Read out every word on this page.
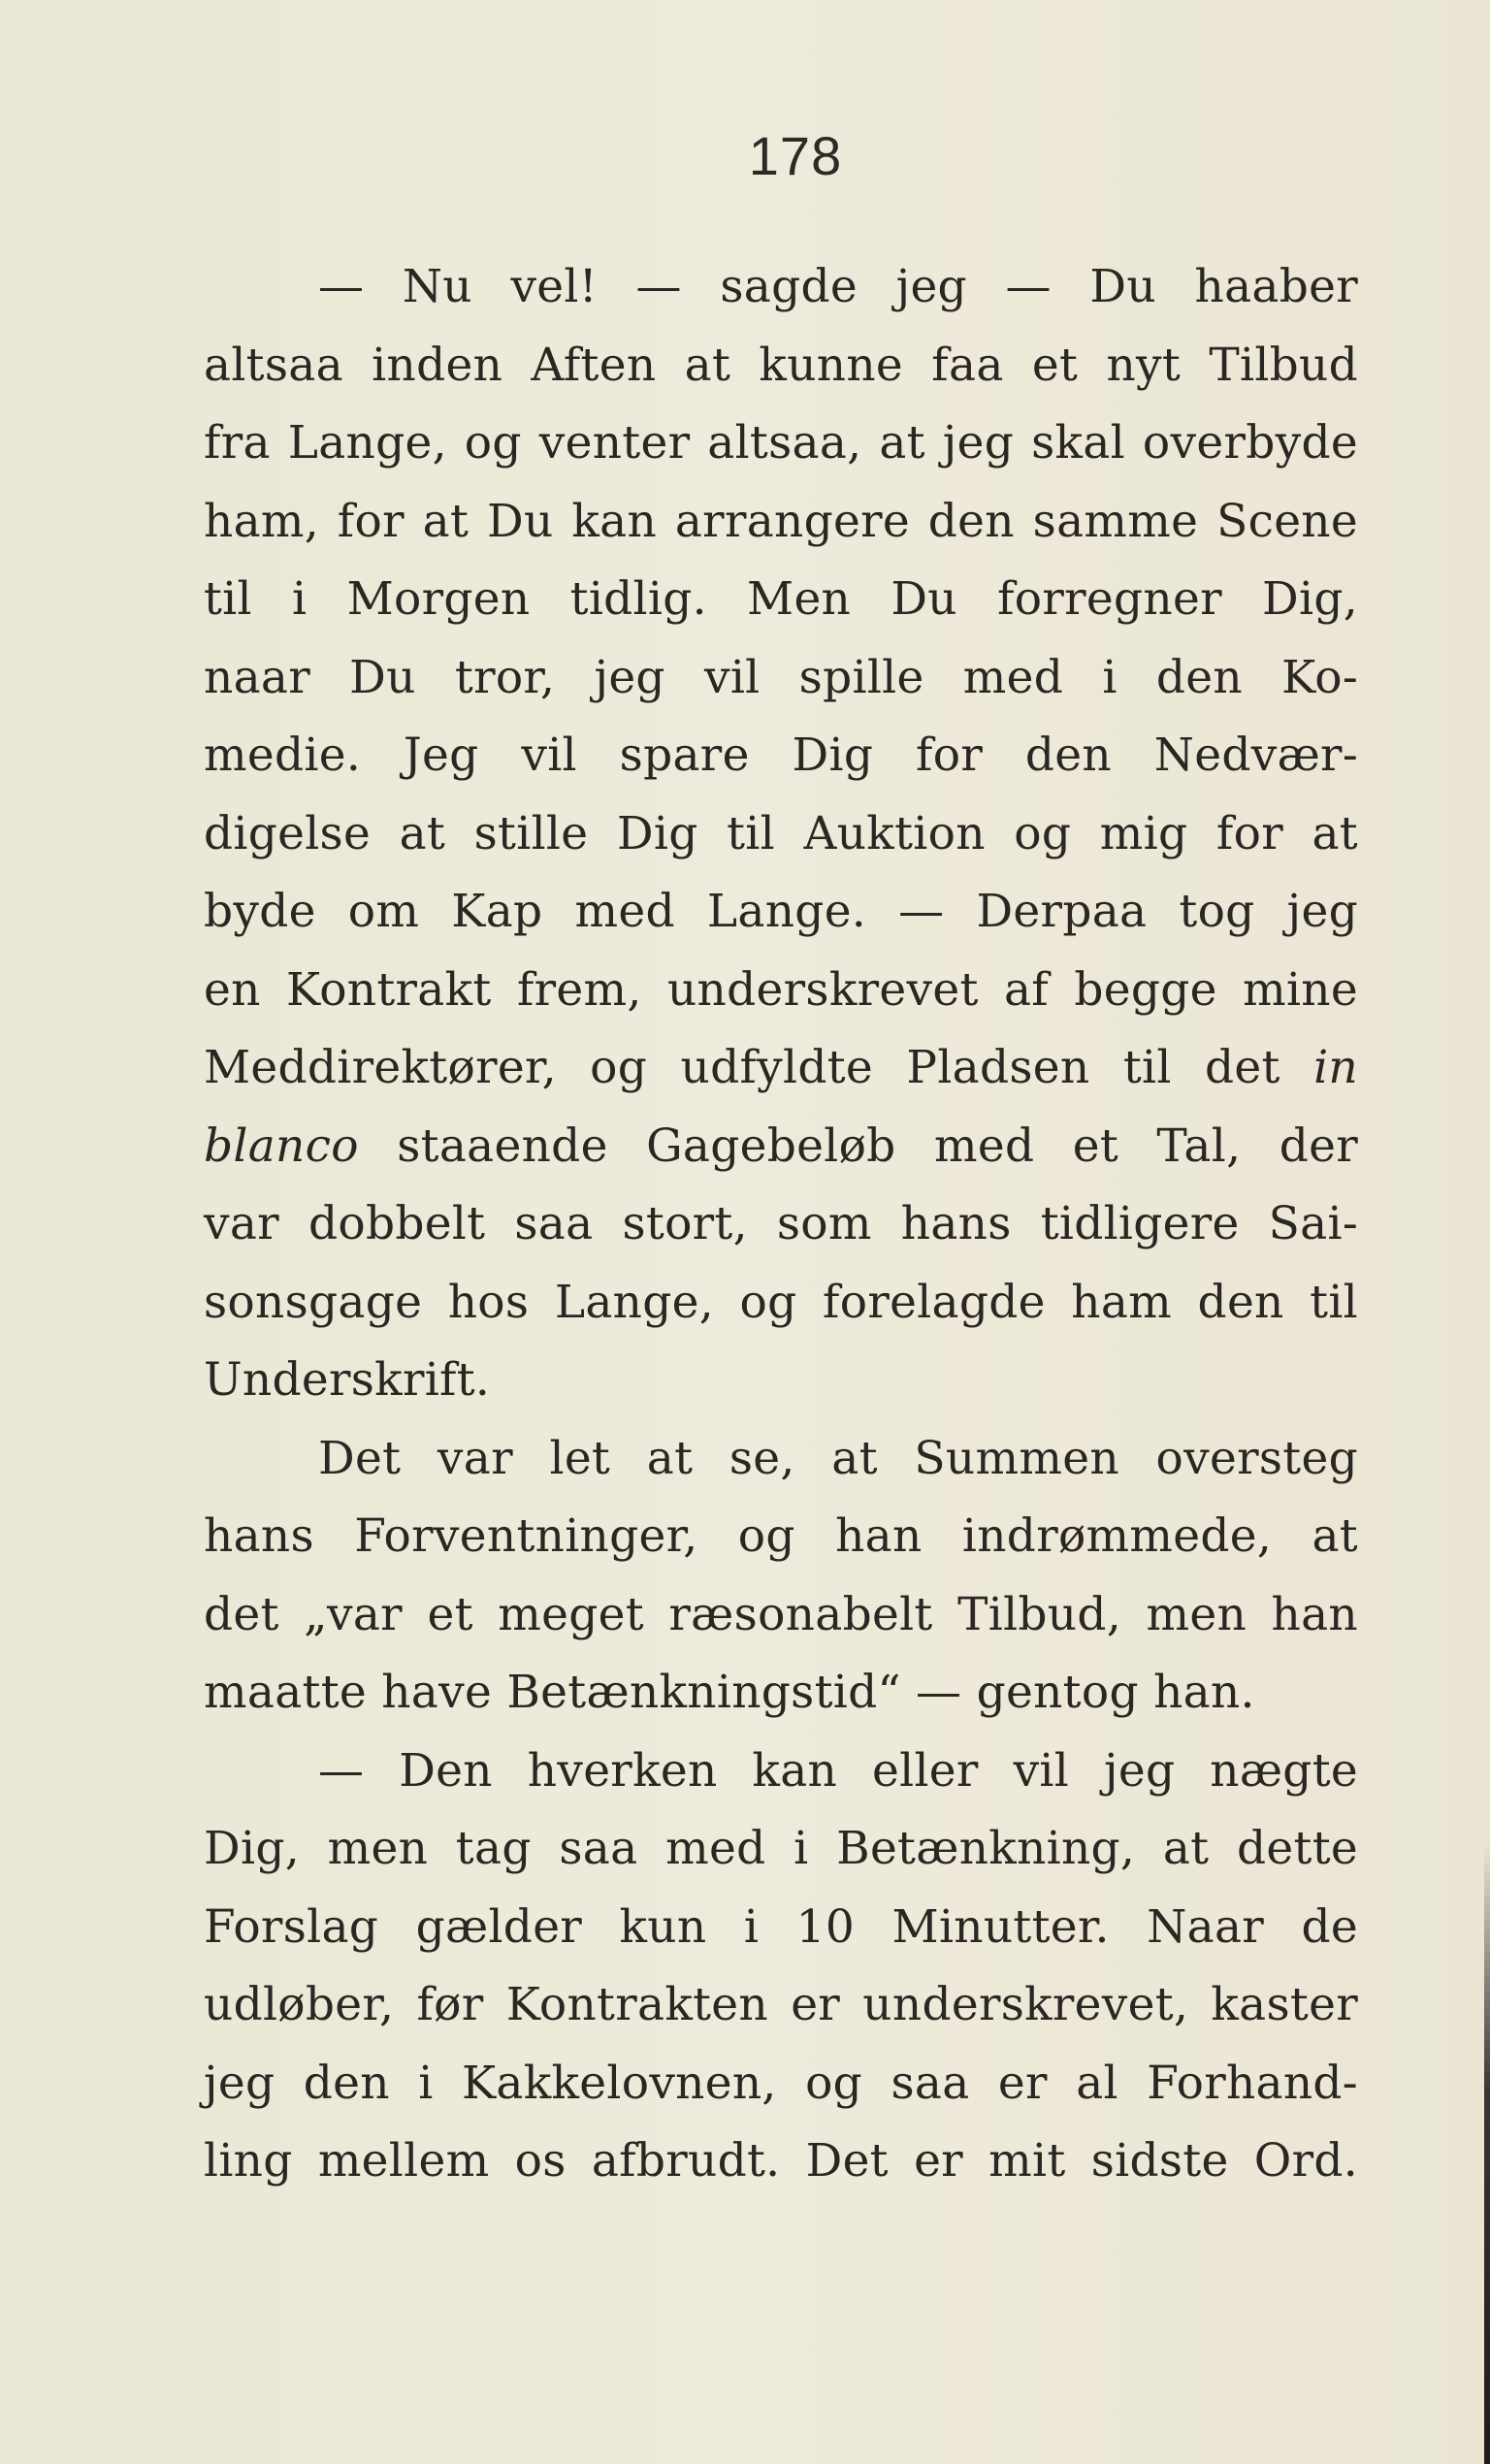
178
— Nu vel! — sagde jeg — Du haaber
altsaa inden Aften at kunne faa et nyt Tilbud
fra Lange, og venter altsaa, at jeg skal overbyde
ham, for at Du kan arrangere den samme Scene
til i Morgen tidlig. Men Du forregner Dig,
naar Du tror, jeg vil spille med i den Ko-
medie. Jeg vil spare Dig for den Nedvær-
digelse at stille Dig til Auktion og mig for at
byde om Kap med Lange. — Derpaa tog jeg
en Kontrakt frem, underskrevet af begge mine
Meddirektører, og udfyldte Pladsen til det in
blanco staaende Gagebeløb med et Tal, der
var dobbelt saa stort, som hans tidligere Sai-
sonsgage hos Lange, og forelagde ham den til
Underskrift.
Det var let at se, at Summen oversteg
hans Forventninger, og han indrømmede, at
det „var et meget ræsonabelt Tilbud, men han
maatte have Betænkningstid“ — gentog han.
— Den hverken kan eller vil jeg nægte
Dig, men tag saa med i Betænkning, at dette
Forslag gælder kun i 10 Minutter. Naar de
udløber, før Kontrakten er underskrevet, kaster
jeg den i Kakkelovnen, og saa er al Forhand-
ling mellem os afbrudt. Det er mit sidste Ord.
